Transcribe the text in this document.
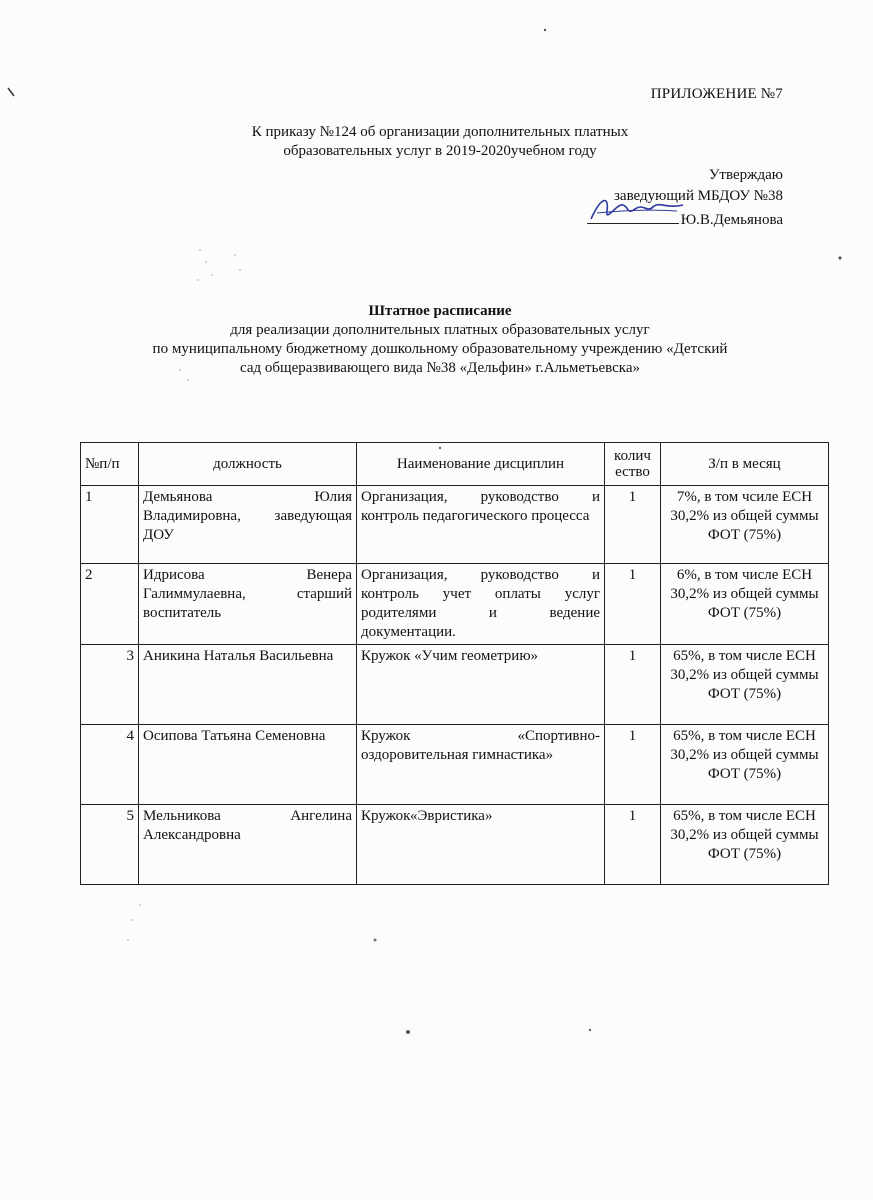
ПРИЛОЖЕНИЕ №7
К приказу №124 об организации дополнительных платных
образовательных услуг в 2019-2020учебном году
Утверждаю
заведующий МБДОУ №38
Ю.В.Демьянова
Штатное расписание
для реализации дополнительных платных образовательных услуг
по муниципальному бюджетному дошкольному образовательному учреждению «Детский
сад общеразвивающего вида №38 «Дельфин» г.Альметьевска»
№п/п	должность	Наименование дисциплин	колич ество	З/п в месяц
1	Демьянова Юлия Владимировна, заведующая ДОУ	Организация, руководство и контроль педагогического процесса	1	7%, в том чсиле ЕСН 30,2% из общей суммы ФОТ (75%)
2	Идрисова Венера Галиммулаевна, старший воспитатель	Организация, руководство и контроль учет оплаты услуг родителями и ведение документации.	1	6%, в том числе ЕСН 30,2% из общей суммы ФОТ (75%)
3	Аникина Наталья Васильевна	Кружок «Учим геометрию»	1	65%, в том числе ЕСН 30,2% из общей суммы ФОТ (75%)
4	Осипова Татьяна Семеновна	Кружок «Спортивно-оздоровительная гимнастика»	1	65%, в том числе ЕСН 30,2% из общей суммы ФОТ (75%)
5	Мельникова Ангелина Александровна	Кружок«Эвристика»	1	65%, в том числе ЕСН 30,2% из общей суммы ФОТ (75%)
